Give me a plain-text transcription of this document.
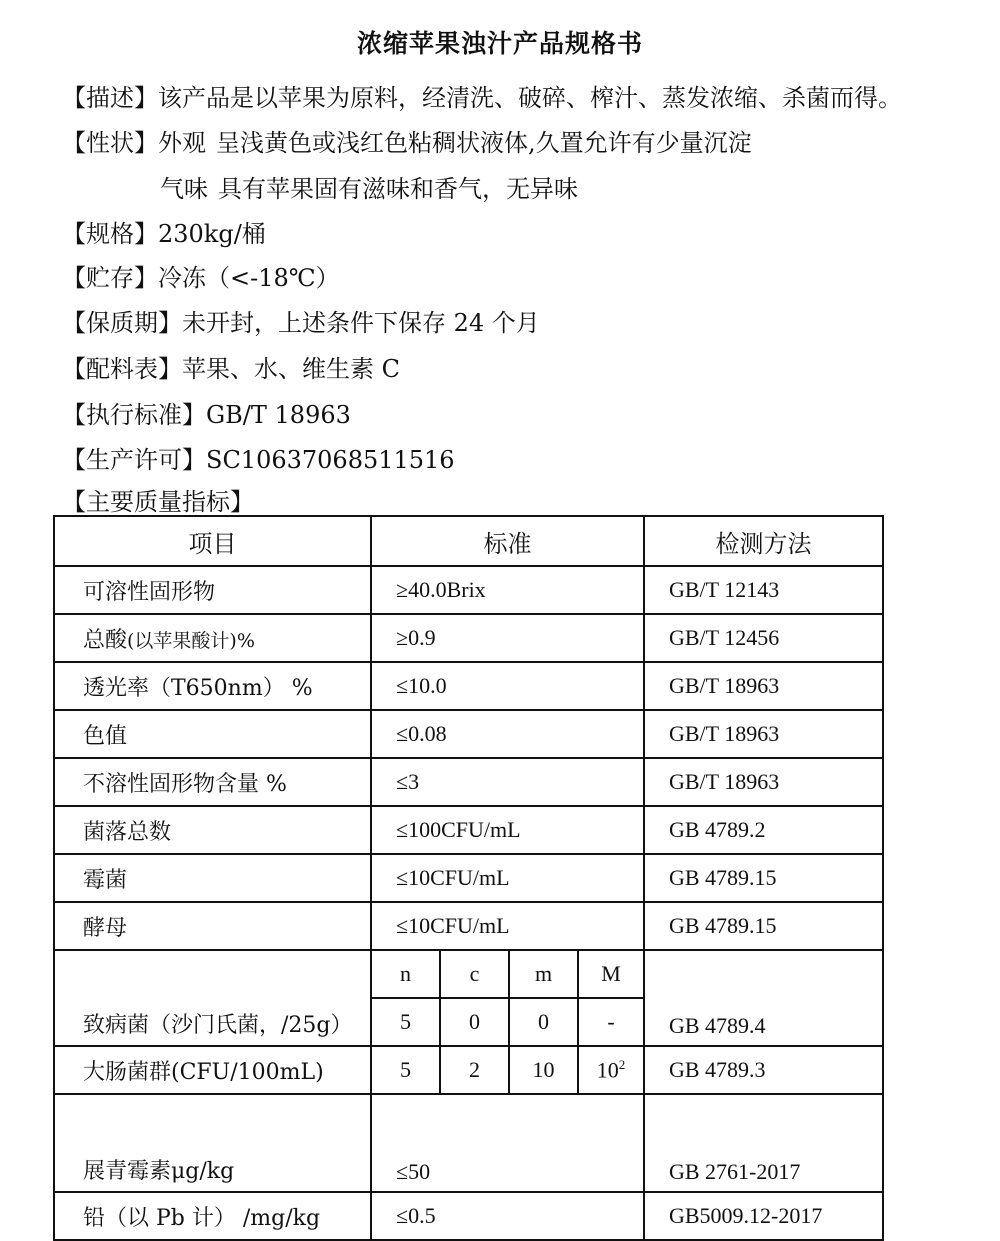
浓缩苹果浊汁产品规格书
【描述】该产品是以苹果为原料，经清洗、破碎、榨汁、蒸发浓缩、杀菌而得。
【性状】外观 呈浅黄色或浅红色粘稠状液体,久置允许有少量沉淀
气味 具有苹果固有滋味和香气，无异味
【规格】230kg/桶
【贮存】冷冻（<-18℃）
【保质期】未开封，上述条件下保存 24 个月
【配料表】苹果、水、维生素 C
【执行标准】GB/T 18963
【生产许可】SC10637068511516
【主要质量指标】
项目	标准				检测方法
可溶性固形物	≥40.0Brix				GB/T 12143
总酸(以苹果酸计)%	≥0.9				GB/T 12456
透光率（T650nm） %	≤10.0				GB/T 18963
色值	≤0.08				GB/T 18963
不溶性固形物含量 %	≤3				GB/T 18963
菌落总数	≤100CFU/mL				GB 4789.2
霉菌	≤10CFU/mL				GB 4789.15
酵母	≤10CFU/mL				GB 4789.15
致病菌（沙门氏菌，/25g）	n	c	m	M	GB 4789.4
	5	0	0	-	
大肠菌群(CFU/100mL)	5	2	10	$10^2$	GB 4789.3
展青霉素μg/kg	≤50				GB 2761-2017
铅（以 Pb 计） /mg/kg	≤0.5				GB5009.12-2017
